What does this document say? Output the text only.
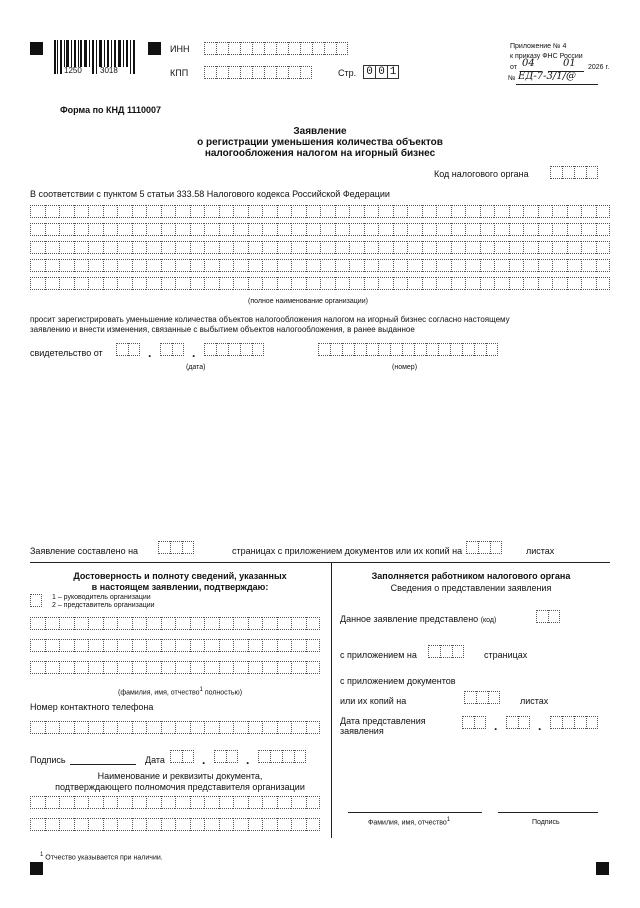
1250 3018
ИНН
КПП	Стр. 0 0 1
Приложение № 4
к приказу ФНС России
от 04	01 2026 г.
№ ЕД-7-3/1/@
Форма по КНД 1110007
Заявление
о регистрации уменьшения количества объектов
налогообложения налогом на игорный бизнес
Код налогового органа
В соответствии с пунктом 5 статьи 333.58 Налогового кодекса Российской Федерации
(полное наименование организации)
просит зарегистрировать уменьшение количества объектов налогообложения налогом на игорный бизнес согласно настоящему
заявлению и внести изменения, связанные с выбытием объектов налогообложения, в ранее выданное
свидетельство от	.	.
(дата)	(номер)
Заявление составлено на	страницах с приложением документов или их копий на	листах
Достоверность и полноту сведений, указанных
в настоящем заявлении, подтверждаю:
1 – руководитель организации
2 – представитель организации
(фамилия, имя, отчество$^1$ полностью)
Номер контактного телефона
Подпись	Дата	.	.
Наименование и реквизиты документа,
подтверждающего полномочия представителя организации
Заполняется работником налогового органа
Сведения о представлении заявления
Данное заявление представлено (код)
с приложением на	страницах
с приложением документов
или их копий на	листах
Дата представления
заявления	.	.
Фамилия, имя, отчество$^1$	Подпись
$^1$ Отчество указывается при наличии.
